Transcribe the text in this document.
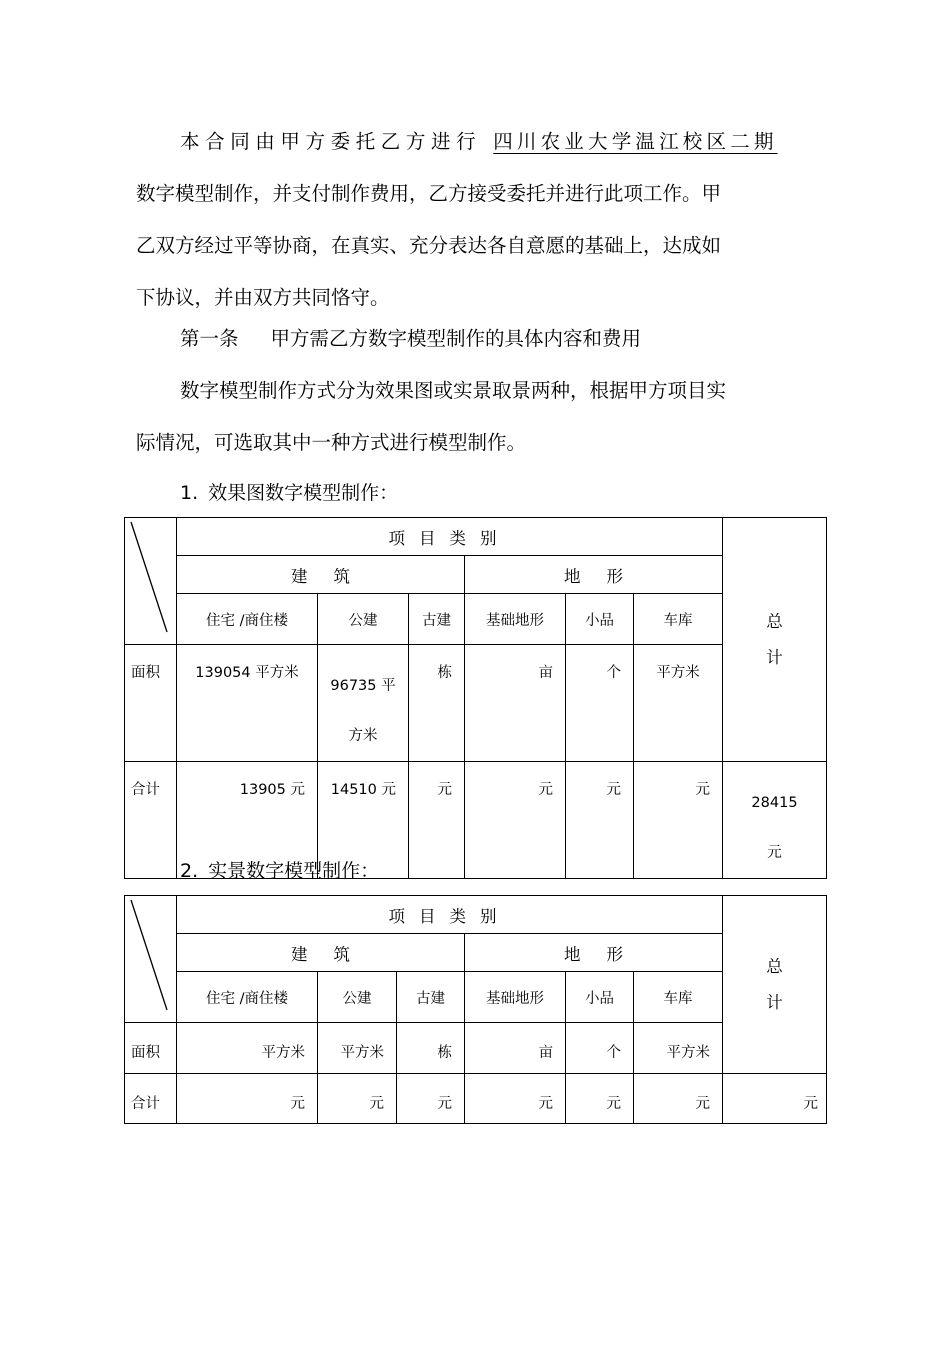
本合同由甲方委托乙方进行 四川农业大学温江校区二期
数字模型制作，并支付制作费用，乙方接受委托并进行此项工作。甲
乙双方经过平等协商，在真实、充分表达各自意愿的基础上，达成如
下协议，并由双方共同恪守。
第一条 甲方需乙方数字模型制作的具体内容和费用
数字模型制作方式分为效果图或实景取景两种，根据甲方项目实
际情况，可选取其中一种方式进行模型制作。
1. 效果图数字模型制作：
	项目类别						总
计

	建 筑			地 形			
	住宅 /商住楼	公建	古建	基础地形	小品	车库	
面积	139054 平方米	96735 平
方米	栋	亩	个	平方米	
合计	13905 元	14510 元	元	元	元	元	28415
元
2. 实景数字模型制作：
	项目类别						总
计

	建 筑			地 形			
	住宅 /商住楼	公建	古建	基础地形	小品	车库	
面积	平方米	平方米	栋	亩	个	平方米	
合计	元	元	元	元	元	元	元
